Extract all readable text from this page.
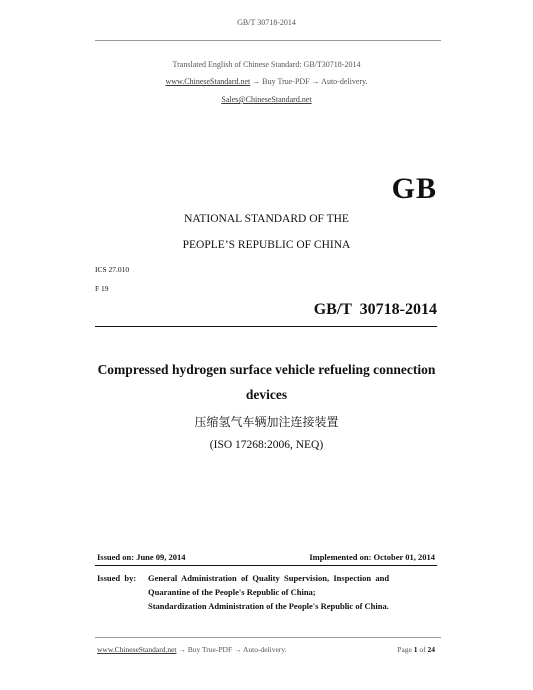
GB/T 30718-2014
Translated English of Chinese Standard: GB/T30718-2014
www.ChineseStandard.net → Buy True-PDF → Auto-delivery.
Sales@ChineseStandard.net
GB
NATIONAL STANDARD OF THE
PEOPLE’S REPUBLIC OF CHINA
ICS 27.010
F 19
GB/T  30718-2014
Compressed hydrogen surface vehicle refueling connection
devices
压缩氢气车辆加注连接装置
(ISO 17268:2006, NEQ)
Issued on: June 09, 2014	Implemented on: October 01, 2014
Issued  by: General  Administration  of  Quality  Supervision,  Inspection  and
Quarantine of the People's Republic of China;
Standardization Administration of the People's Republic of China.
www.ChineseStandard.net → Buy True-PDF → Auto-delivery.	Page 1 of 24
